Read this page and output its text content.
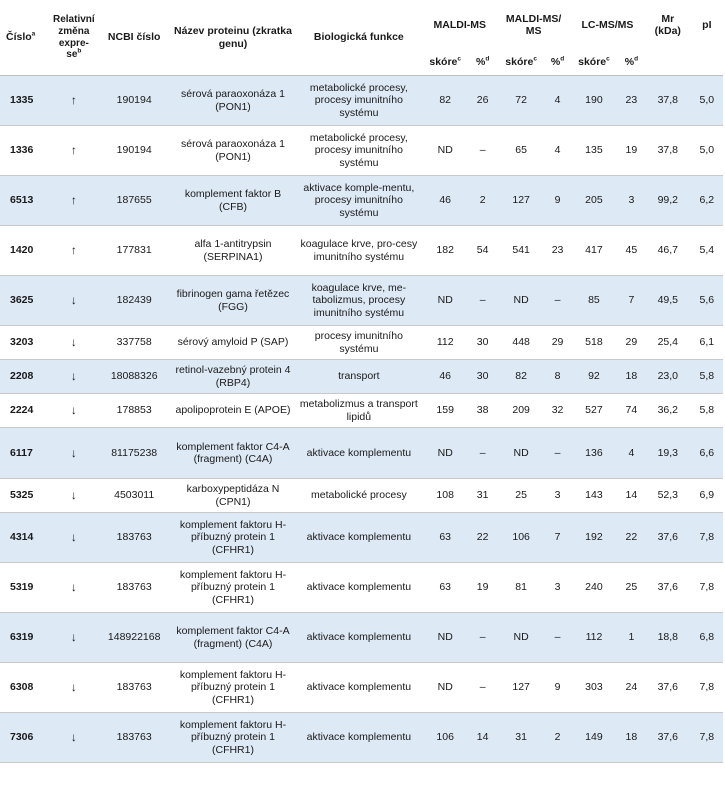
Číslo$^a$	Relativní změna expre-$se^b$	NCBI číslo	Název proteinu (zkratka genu)	Biologická funkce	MALDI-MS		MALDI-MS/ MS		LC-MS/MS		Mr (kDa)	pI
					skóre$^c$	%$^d$	skóre$^c$	%$^d$	skóre$^c$	%$^d$		
1335	↑	190194	sérová paraoxonáza 1 (PON1)	metabolické procesy, procesy imunitního systému	82	26	72	4	190	23	37,8	5,0
1336	↑	190194	sérová paraoxonáza 1 (PON1)	metabolické procesy, procesy imunitního systému	ND	–	65	4	135	19	37,8	5,0
6513	↑	187655	komplement faktor B (CFB)	aktivace komple-mentu, procesy imunitního systému	46	2	127	9	205	3	99,2	6,2
1420	↑	177831	alfa 1-antitrypsin (SERPINA1)	koagulace krve, pro-cesy imunitního systému	182	54	541	23	417	45	46,7	5,4
3625	↓	182439	fibrinogen gama řetězec (FGG)	koagulace krve, me-tabolizmus, procesy imunitního systému	ND	–	ND	–	85	7	49,5	5,6
3203	↓	337758	sérový amyloid P (SAP)	procesy imunitního systému	112	30	448	29	518	29	25,4	6,1
2208	↓	18088326	retinol-vazebný protein 4 (RBP4)	transport	46	30	82	8	92	18	23,0	5,8
2224	↓	178853	apolipoprotein E (APOE)	metabolizmus a transport lipidů	159	38	209	32	527	74	36,2	5,8
6117	↓	81175238	komplement faktor C4-A (fragment) (C4A)	aktivace komplementu	ND	–	ND	–	136	4	19,3	6,6
5325	↓	4503011	karboxypeptidáza N (CPN1)	metabolické procesy	108	31	25	3	143	14	52,3	6,9
4314	↓	183763	komplement faktoru H-příbuzný protein 1 (CFHR1)	aktivace komplementu	63	22	106	7	192	22	37,6	7,8
5319	↓	183763	komplement faktoru H-příbuzný protein 1 (CFHR1)	aktivace komplementu	63	19	81	3	240	25	37,6	7,8
6319	↓	148922168	komplement faktor C4-A (fragment) (C4A)	aktivace komplementu	ND	–	ND	–	112	1	18,8	6,8
6308	↓	183763	komplement faktoru H-příbuzný protein 1 (CFHR1)	aktivace komplementu	ND	–	127	9	303	24	37,6	7,8
7306	↓	183763	komplement faktoru H-příbuzný protein 1 (CFHR1)	aktivace komplementu	106	14	31	2	149	18	37,6	7,8
